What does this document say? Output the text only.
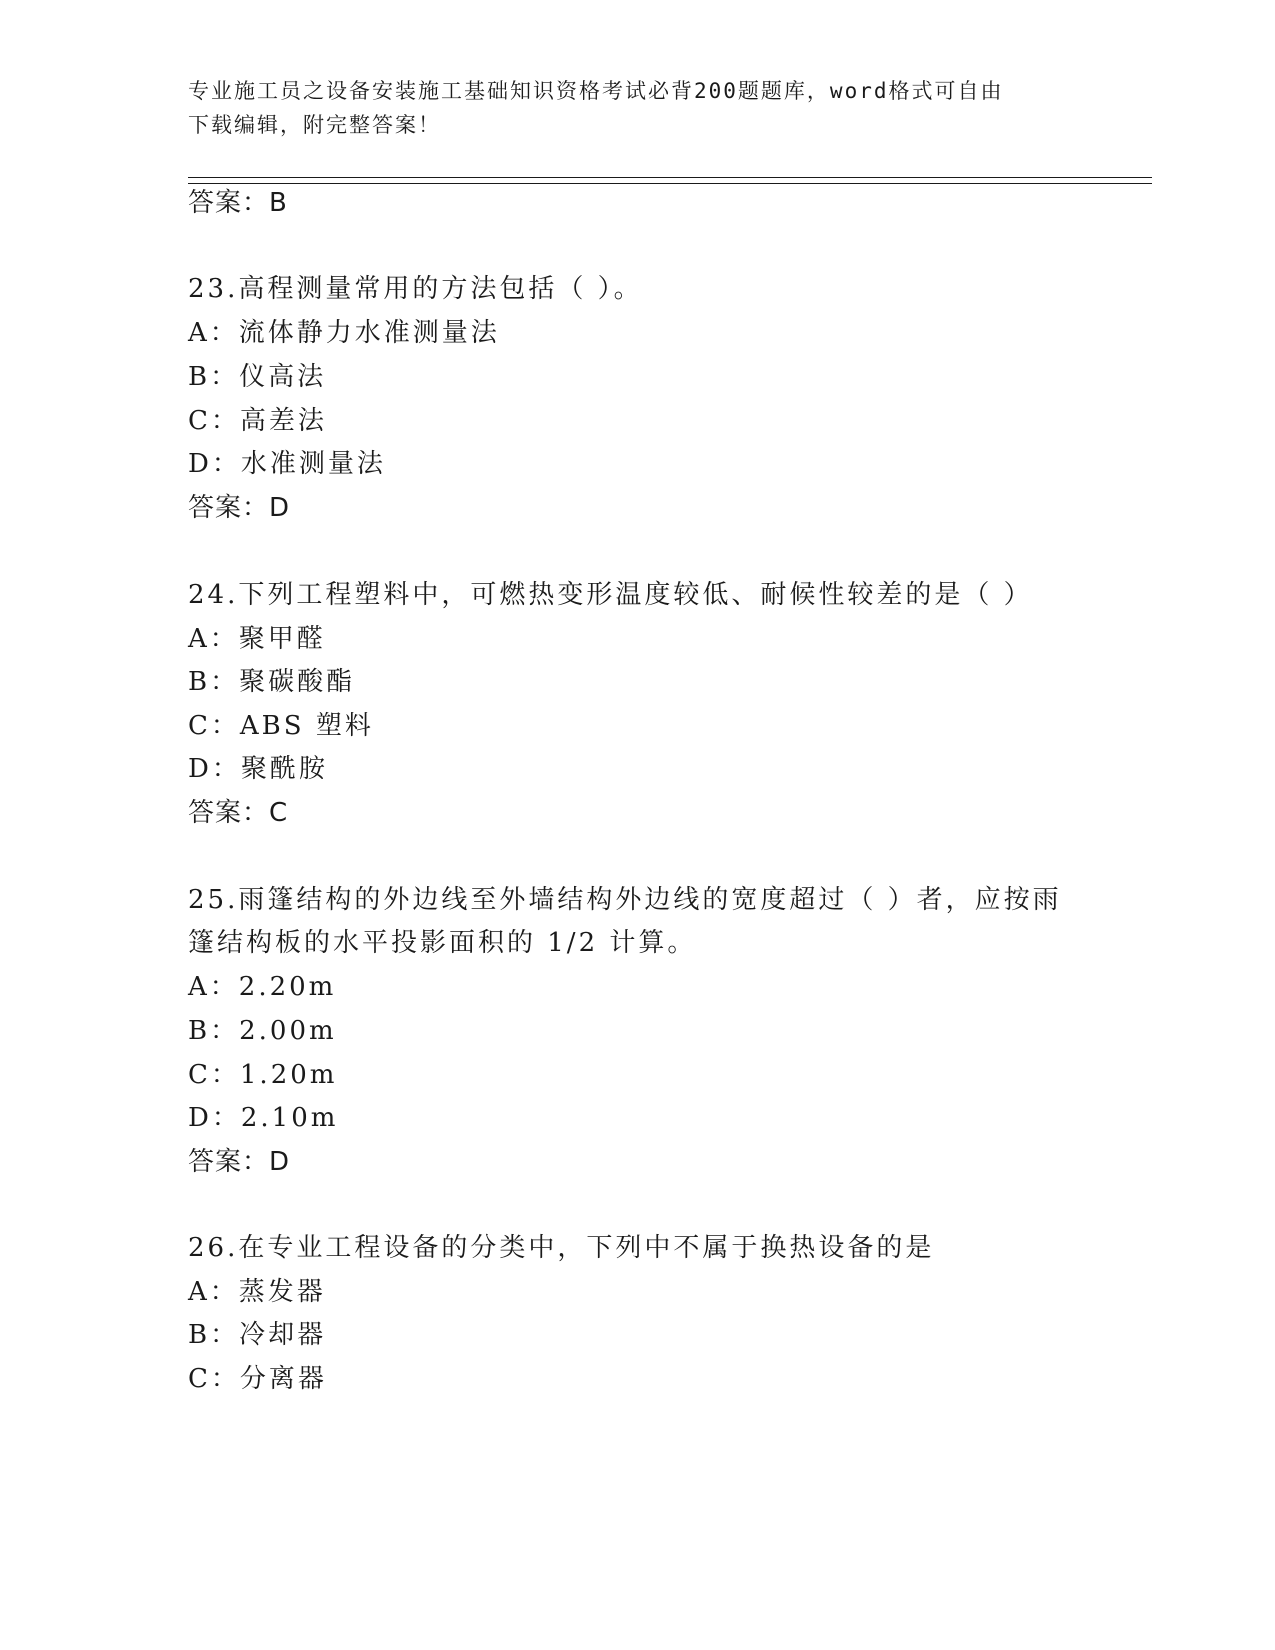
专业施工员之设备安装施工基础知识资格考试必背200题题库，word格式可自由
下载编辑，附完整答案！
答案：B
23.高程测量常用的方法包括（ ）。
A：流体静力水准测量法
B：仪高法
C：高差法
D：水准测量法
答案：D
24.下列工程塑料中，可燃热变形温度较低、耐候性较差的是（ ）
A：聚甲醛
B：聚碳酸酯
C：ABS 塑料
D：聚酰胺
答案：C
25.雨篷结构的外边线至外墙结构外边线的宽度超过（ ）者，应按雨
篷结构板的水平投影面积的 1/2 计算。
A：2.20m
B：2.00m
C：1.20m
D：2.10m
答案：D
26.在专业工程设备的分类中，下列中不属于换热设备的是
A：蒸发器
B：冷却器
C：分离器
